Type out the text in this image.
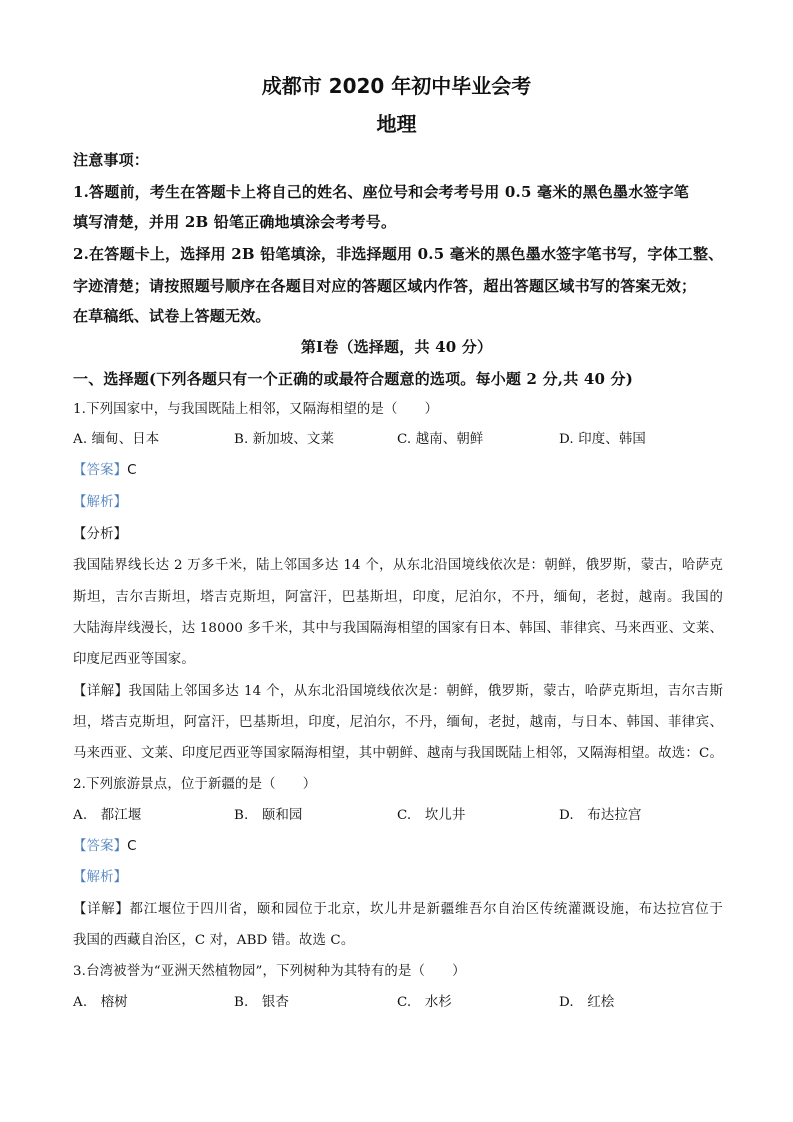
成都市 2020 年初中毕业会考
地理
注意事项：
1.答题前，考生在答题卡上将自己的姓名、座位号和会考考号用 0.5 毫米的黑色墨水签字笔
填写清楚，并用 2B 铅笔正确地填涂会考考号。
2.在答题卡上，选择用 2B 铅笔填涂，非选择题用 0.5 毫米的黑色墨水签字笔书写，字体工整、
字迹清楚；请按照题号顺序在各题目对应的答题区域内作答，超出答题区域书写的答案无效；
在草稿纸、试卷上答题无效。
第Ⅰ卷（选择题，共 40 分）
一、选择题(下列各题只有一个正确的或最符合题意的选项。每小题 2 分,共 40 分)
1.下列国家中，与我国既陆上相邻，又隔海相望的是（　　）
A. 缅甸、日本	B. 新加坡、文莱	C. 越南、朝鲜	D. 印度、韩国
【答案】C
【解析】
【分析】
我国陆界线长达 2 万多千米，陆上邻国多达 14 个，从东北沿国境线依次是：朝鲜，俄罗斯，蒙古，哈萨克
斯坦，吉尔吉斯坦，塔吉克斯坦，阿富汗，巴基斯坦，印度，尼泊尔，不丹，缅甸，老挝，越南。我国的
大陆海岸线漫长，达 18000 多千米，其中与我国隔海相望的国家有日本、韩国、菲律宾、马来西亚、文莱、
印度尼西亚等国家。
【详解】我国陆上邻国多达 14 个，从东北沿国境线依次是：朝鲜，俄罗斯，蒙古，哈萨克斯坦，吉尔吉斯
坦，塔吉克斯坦，阿富汗，巴基斯坦，印度，尼泊尔，不丹，缅甸，老挝，越南，与日本、韩国、菲律宾、
马来西亚、文莱、印度尼西亚等国家隔海相望，其中朝鲜、越南与我国既陆上相邻，又隔海相望。故选：C。
2.下列旅游景点，位于新疆的是（　　）
A.　都江堰	B.　颐和园	C.　坎儿井	D.　布达拉宫
【答案】C
【解析】
【详解】都江堰位于四川省，颐和园位于北京，坎儿井是新疆维吾尔自治区传统灌溉设施，布达拉宫位于
我国的西藏自治区，C 对，ABD 错。故选 C。
3.台湾被誉为“亚洲天然植物园”，下列树种为其特有的是（　　）
A.　榕树	B.　银杏	C.　水杉	D.　红桧
